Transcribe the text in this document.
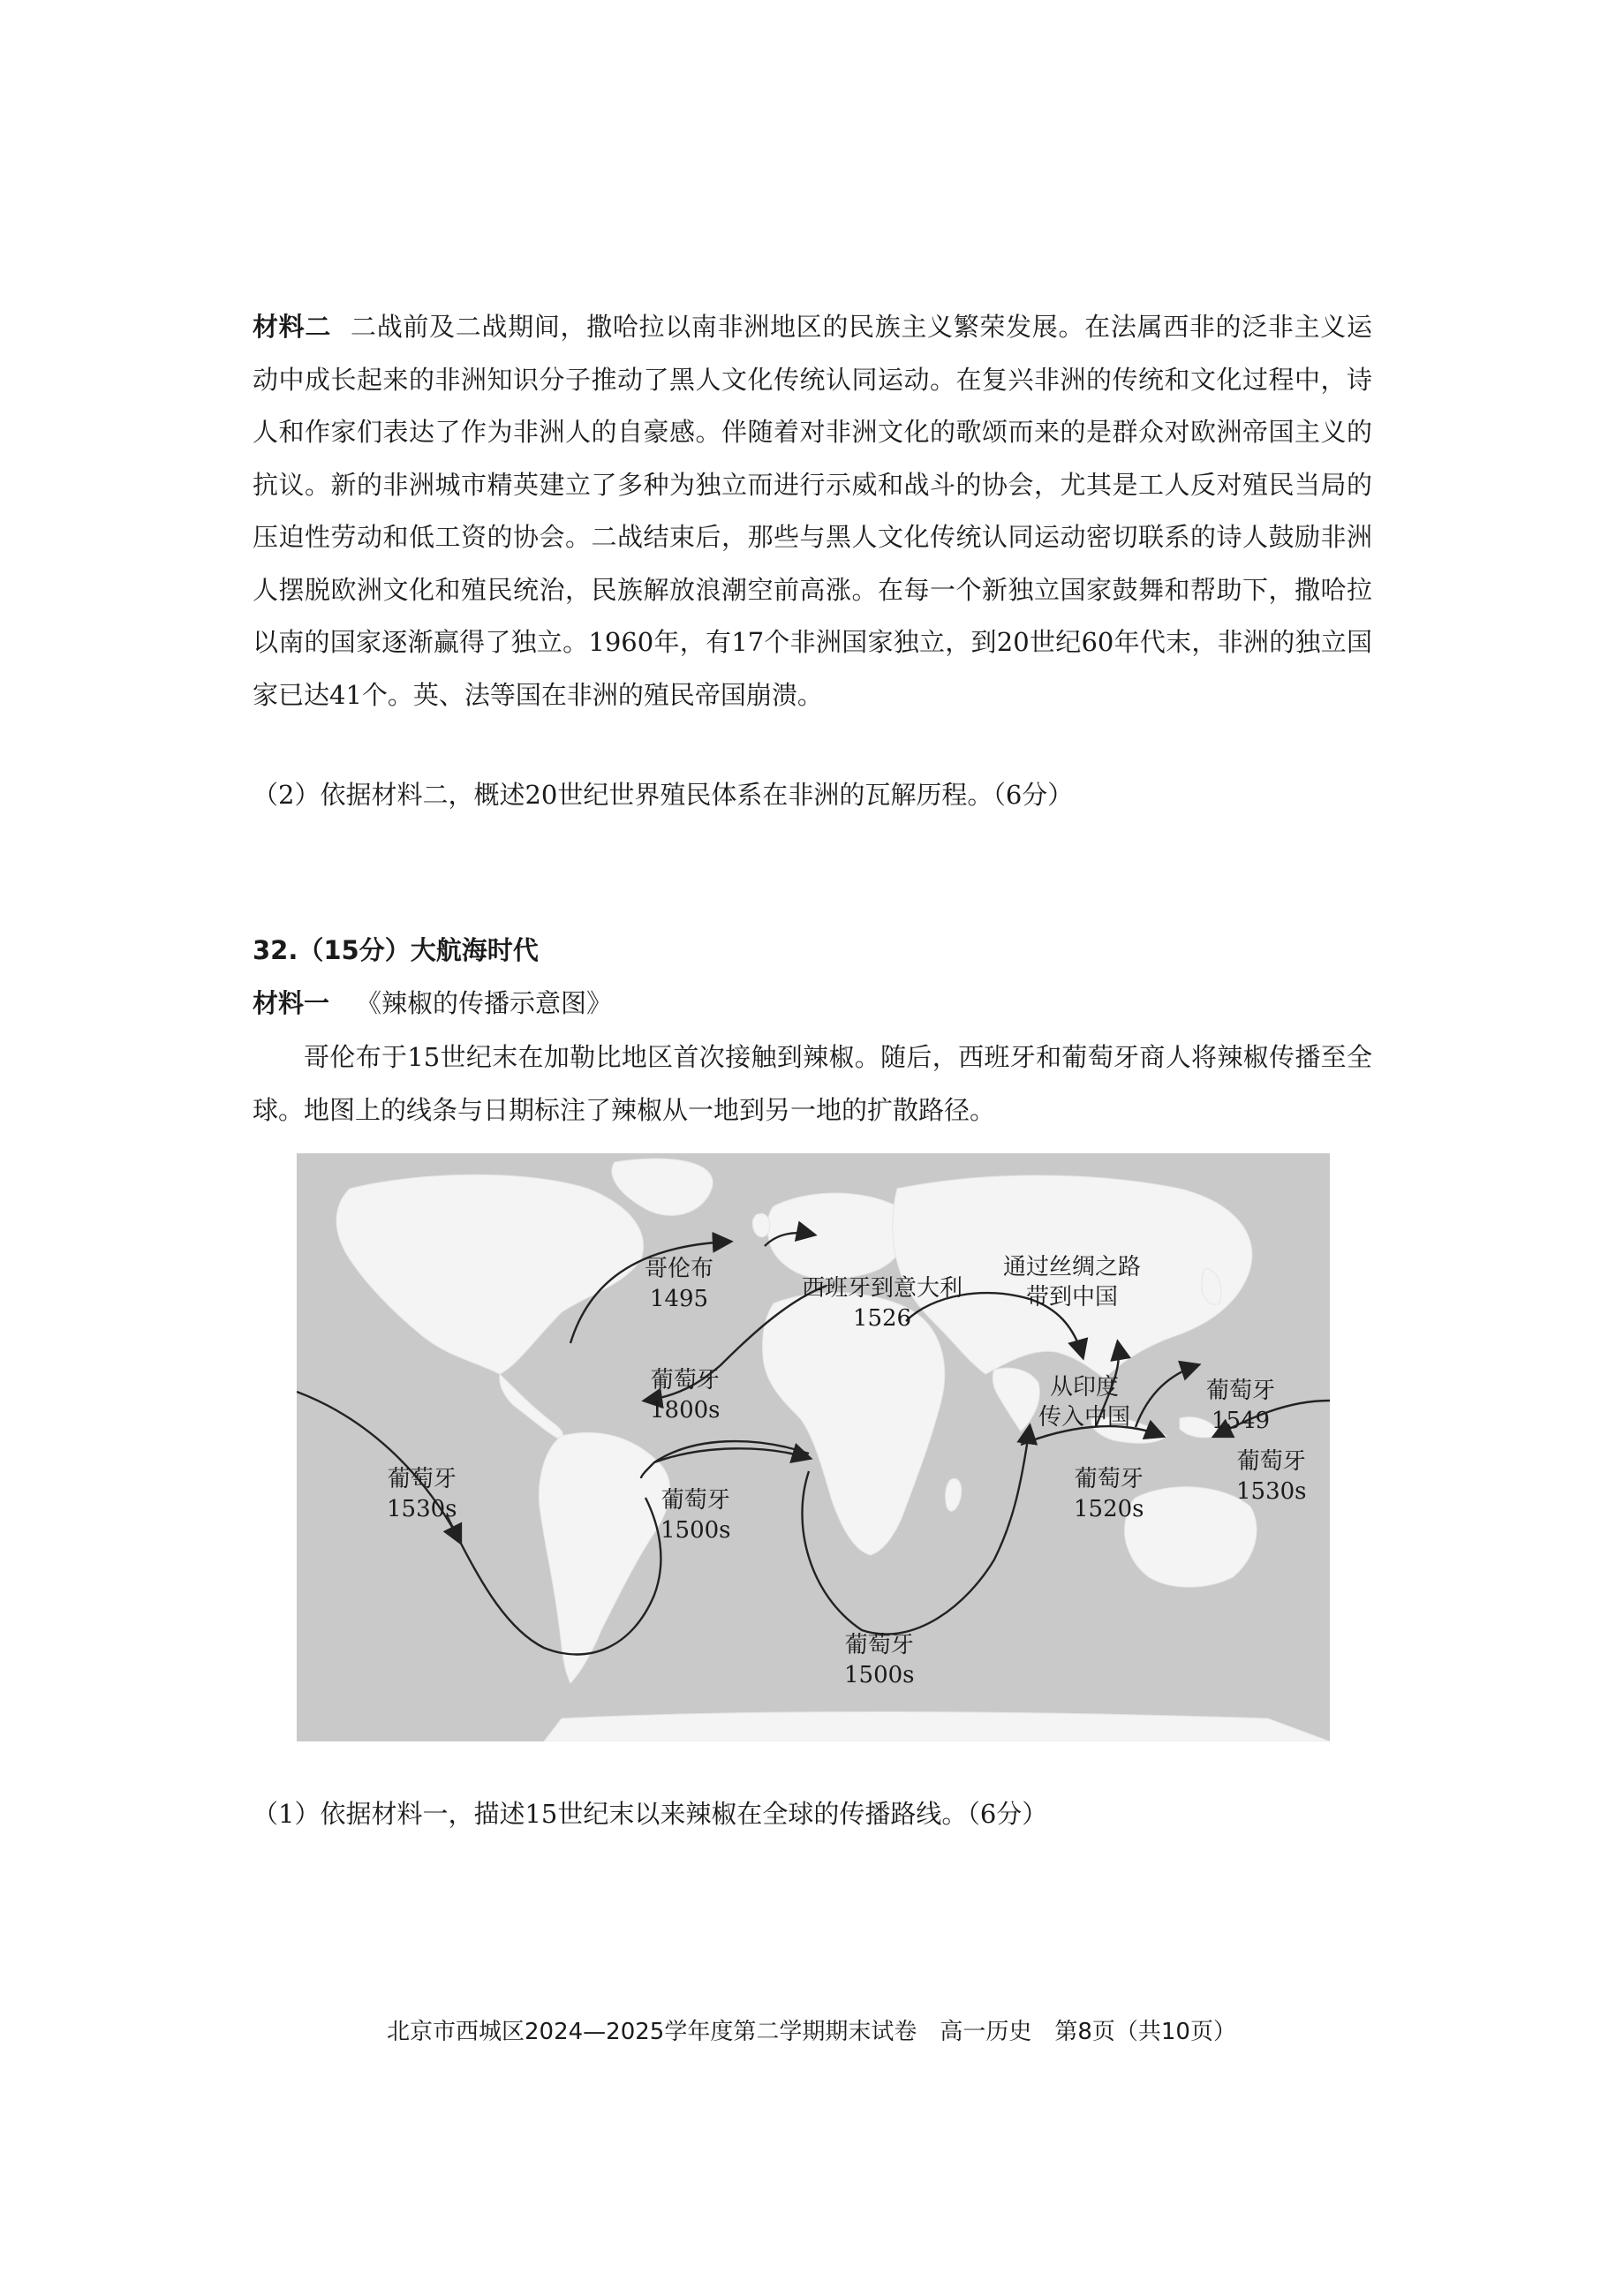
材料二 二战前及二战期间，撒哈拉以南非洲地区的民族主义繁荣发展。在法属西非的泛非主义运动中成长起来的非洲知识分子推动了黑人文化传统认同运动。在复兴非洲的传统和文化过程中，诗人和作家们表达了作为非洲人的自豪感。伴随着对非洲文化的歌颂而来的是群众对欧洲帝国主义的抗议。新的非洲城市精英建立了多种为独立而进行示威和战斗的协会，尤其是工人反对殖民当局的压迫性劳动和低工资的协会。二战结束后，那些与黑人文化传统认同运动密切联系的诗人鼓励非洲人摆脱欧洲文化和殖民统治，民族解放浪潮空前高涨。在每一个新独立国家鼓舞和帮助下，撒哈拉以南的国家逐渐赢得了独立。1960年，有17个非洲国家独立，到20世纪60年代末，非洲的独立国家已达41个。英、法等国在非洲的殖民帝国崩溃。
（2）依据材料二，概述20世纪世界殖民体系在非洲的瓦解历程。（6分）
32.（15分）大航海时代
材料一 《辣椒的传播示意图》
哥伦布于15世纪末在加勒比地区首次接触到辣椒。随后，西班牙和葡萄牙商人将辣椒传播至全球。地图上的线条与日期标注了辣椒从一地到另一地的扩散路径。
哥伦布
1495	西班牙到意大利
1526
通过丝绸之路
带到中国
葡萄牙
1800s
从印度
传入中国
葡萄牙
1549
葡萄牙
1530s
葡萄牙
1530s
葡萄牙
1500s
葡萄牙
1520s
葡萄牙
1500s
（1）依据材料一，描述15世纪末以来辣椒在全球的传播路线。（6分）
北京市西城区2024—2025学年度第二学期期末试卷　高一历史　第8页（共10页）
